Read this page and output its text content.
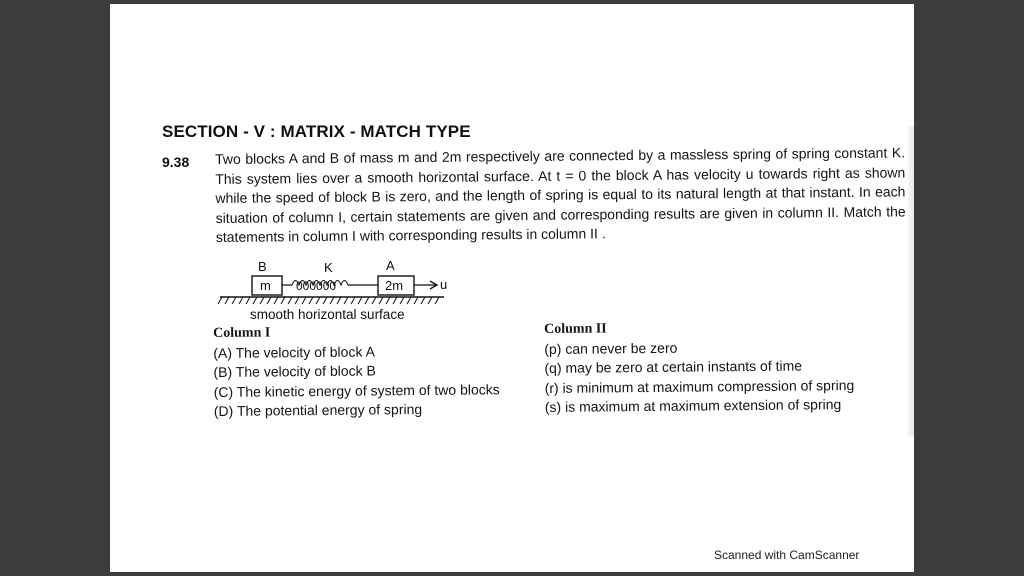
SECTION - V : MATRIX - MATCH TYPE
9.38 Two blocks A and B of mass m and 2m respectively are connected by a massless spring of spring constant K. This system lies over a smooth horizontal surface. At t = 0 the block A has velocity u towards right as shown while the speed of block B is zero, and the length of spring is equal to its natural length at that instant. In each situation of column I, certain statements are given and corresponding results are given in column II. Match the statements in column I with corresponding results in column II .
B	K	A
m 000000	2m	u
smooth horizontal surface
Column I
(A) The velocity of block A
(B) The velocity of block B
(C) The kinetic energy of system of two blocks
(D) The potential energy of spring
Column II
(p) can never be zero
(q) may be zero at certain instants of time
(r) is minimum at maximum compression of spring
(s) is maximum at maximum extension of spring
Scanned with CamScanner
